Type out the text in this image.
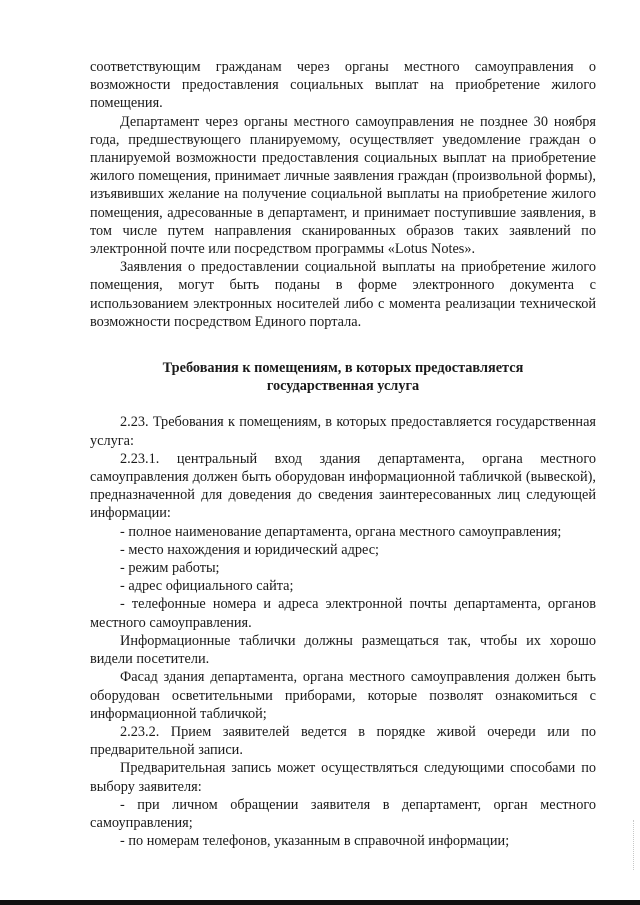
соответствующим гражданам через органы местного самоуправления о возможности предоставления социальных выплат на приобретение жилого помещения.

Департамент через органы местного самоуправления не позднее 30 ноября года, предшествующего планируемому, осуществляет уведомление граждан о планируемой возможности предоставления социальных выплат на приобретение жилого помещения, принимает личные заявления граждан (произвольной формы), изъявивших желание на получение социальной выплаты на приобретение жилого помещения, адресованные в департамент, и принимает поступившие заявления, в том числе путем направления сканированных образов таких заявлений по электронной почте или посредством программы «Lotus Notes».

Заявления о предоставлении социальной выплаты на приобретение жилого помещения, могут быть поданы в форме электронного документа с использованием электронных носителей либо с момента реализации технической возможности посредством Единого портала.

Требования к помещениям, в которых предоставляется

государственная услуга

2.23. Требования к помещениям, в которых предоставляется государственная услуга:

2.23.1. центральный вход здания департамента, органа местного самоуправления должен быть оборудован информационной табличкой (вывеской), предназначенной для доведения до сведения заинтересованных лиц следующей информации:

- полное наименование департамента, органа местного самоуправления;

- место нахождения и юридический адрес;

- режим работы;

- адрес официального сайта;

- телефонные номера и адреса электронной почты департамента, органов местного самоуправления.

Информационные таблички должны размещаться так, чтобы их хорошо видели посетители.

Фасад здания департамента, органа местного самоуправления должен быть оборудован осветительными приборами, которые позволят ознакомиться с информационной табличкой;

2.23.2. Прием заявителей ведется в порядке живой очереди или по предварительной записи.

Предварительная запись может осуществляться следующими способами по выбору заявителя:

- при личном обращении заявителя в департамент, орган местного самоуправления;

- по номерам телефонов, указанным в справочной информации;
